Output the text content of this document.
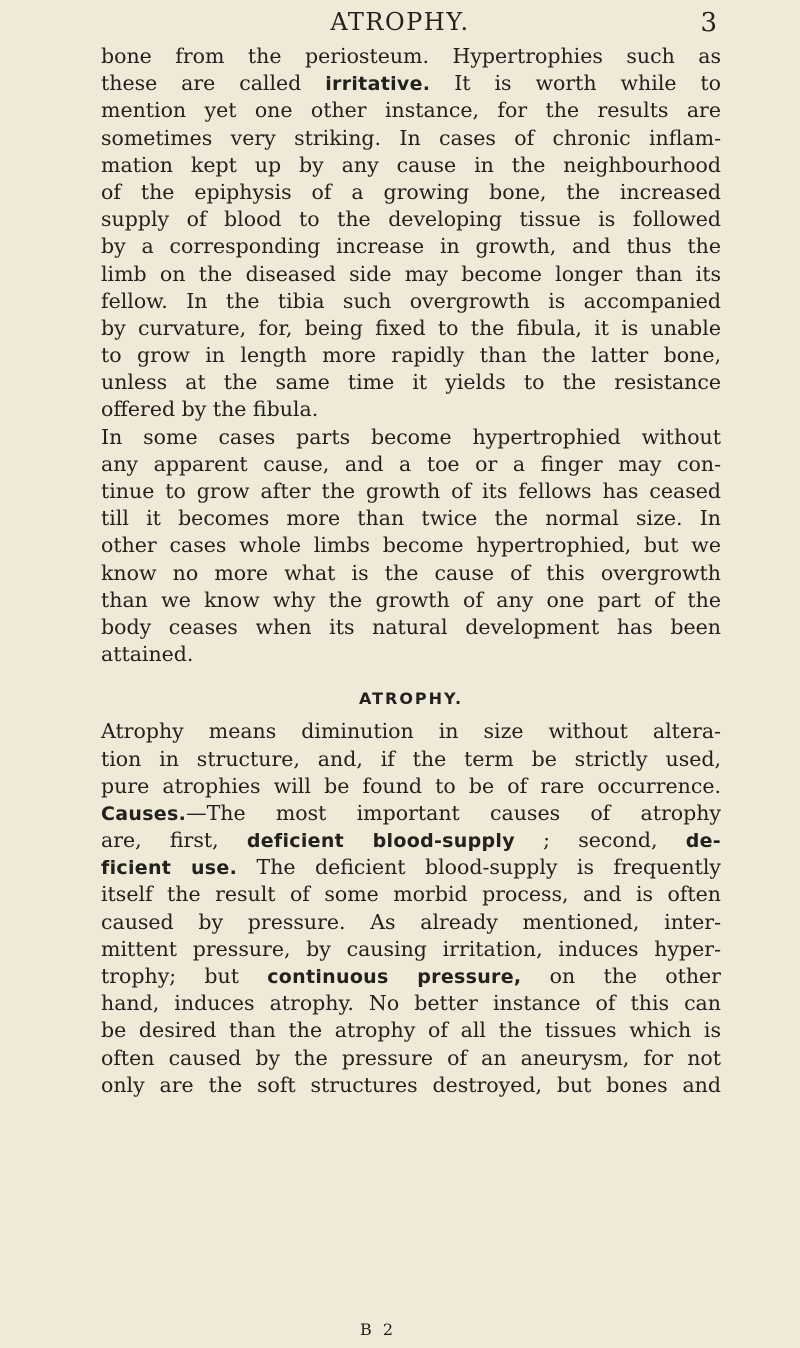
ATROPHY.	3
bone from the periosteum. Hypertrophies such as
these are called irritative. It is worth while to
mention yet one other instance, for the results are
sometimes very striking. In cases of chronic inflam-
mation kept up by any cause in the neighbourhood
of the epiphysis of a growing bone, the increased
supply of blood to the developing tissue is followed
by a corresponding increase in growth, and thus the
limb on the diseased side may become longer than its
fellow. In the tibia such overgrowth is accompanied
by curvature, for, being fixed to the fibula, it is unable
to grow in length more rapidly than the latter bone,
unless at the same time it yields to the resistance
offered by the fibula.
In some cases parts become hypertrophied without
any apparent cause, and a toe or a finger may con-
tinue to grow after the growth of its fellows has ceased
till it becomes more than twice the normal size. In
other cases whole limbs become hypertrophied, but we
know no more what is the cause of this overgrowth
than we know why the growth of any one part of the
body ceases when its natural development has been
attained.
ATROPHY.
Atrophy means diminution in size without altera-
tion in structure, and, if the term be strictly used,
pure atrophies will be found to be of rare occurrence.
Causes.—The most important causes of atrophy
are, first, deficient blood-supply ; second, de-
ficient use. The deficient blood-supply is frequently
itself the result of some morbid process, and is often
caused by pressure. As already mentioned, inter-
mittent pressure, by causing irritation, induces hyper-
trophy; but continuous pressure, on the other
hand, induces atrophy. No better instance of this can
be desired than the atrophy of all the tissues which is
often caused by the pressure of an aneurysm, for not
only are the soft structures destroyed, but bones and
B 2
